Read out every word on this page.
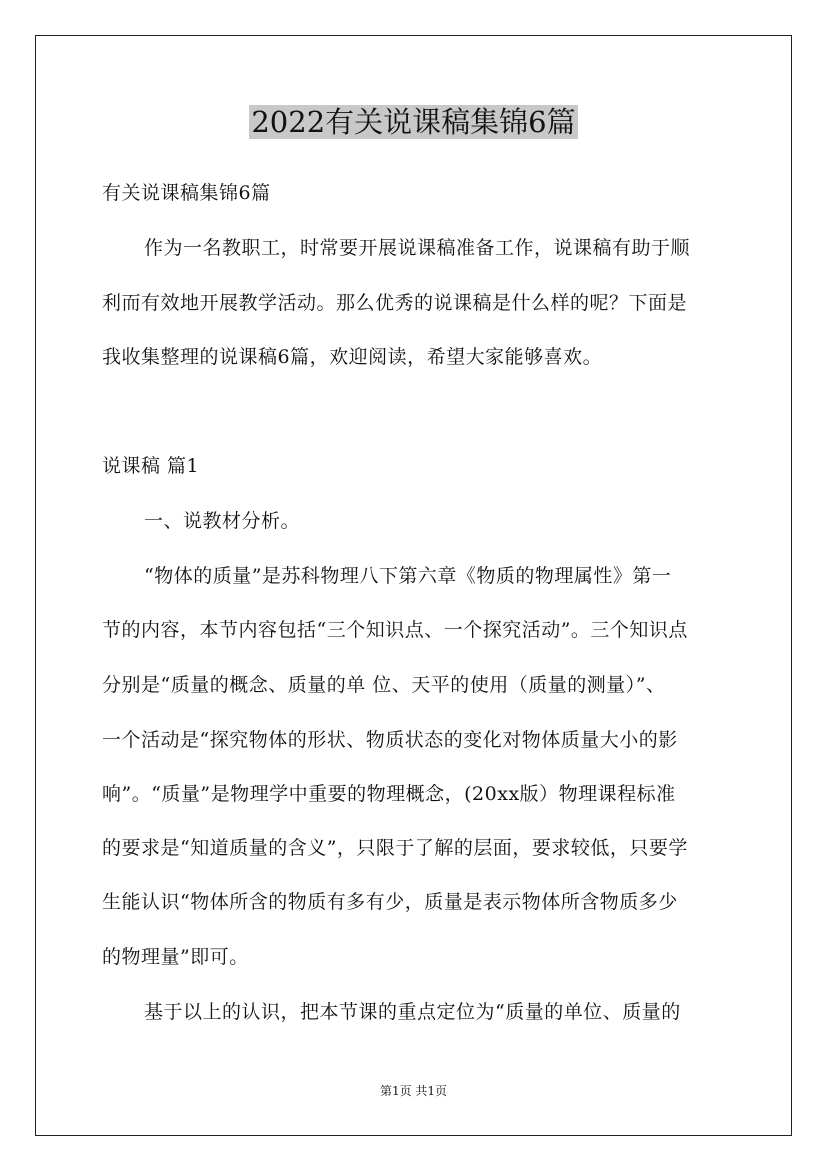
2022有关说课稿集锦6篇
有关说课稿集锦6篇
作为一名教职工，时常要开展说课稿准备工作，说课稿有助于顺
利而有效地开展教学活动。那么优秀的说课稿是什么样的呢？下面是
我收集整理的说课稿6篇，欢迎阅读，希望大家能够喜欢。
说课稿 篇1
一、说教材分析。
“物体的质量”是苏科物理八下第六章《物质的物理属性》第一
节的内容，本节内容包括“三个知识点、一个探究活动”。三个知识点
分别是“质量的概念、质量的单 位、天平的使用（质量的测量）”、
一个活动是“探究物体的形状、物质状态的变化对物体质量大小的影
响”。“质量”是物理学中重要的物理概念，(20xx版）物理课程标准
的要求是“知道质量的含义”，只限于了解的层面，要求较低，只要学
生能认识“物体所含的物质有多有少，质量是表示物体所含物质多少
的物理量”即可。
基于以上的认识，把本节课的重点定位为“质量的单位、质量的
第1页 共1页
